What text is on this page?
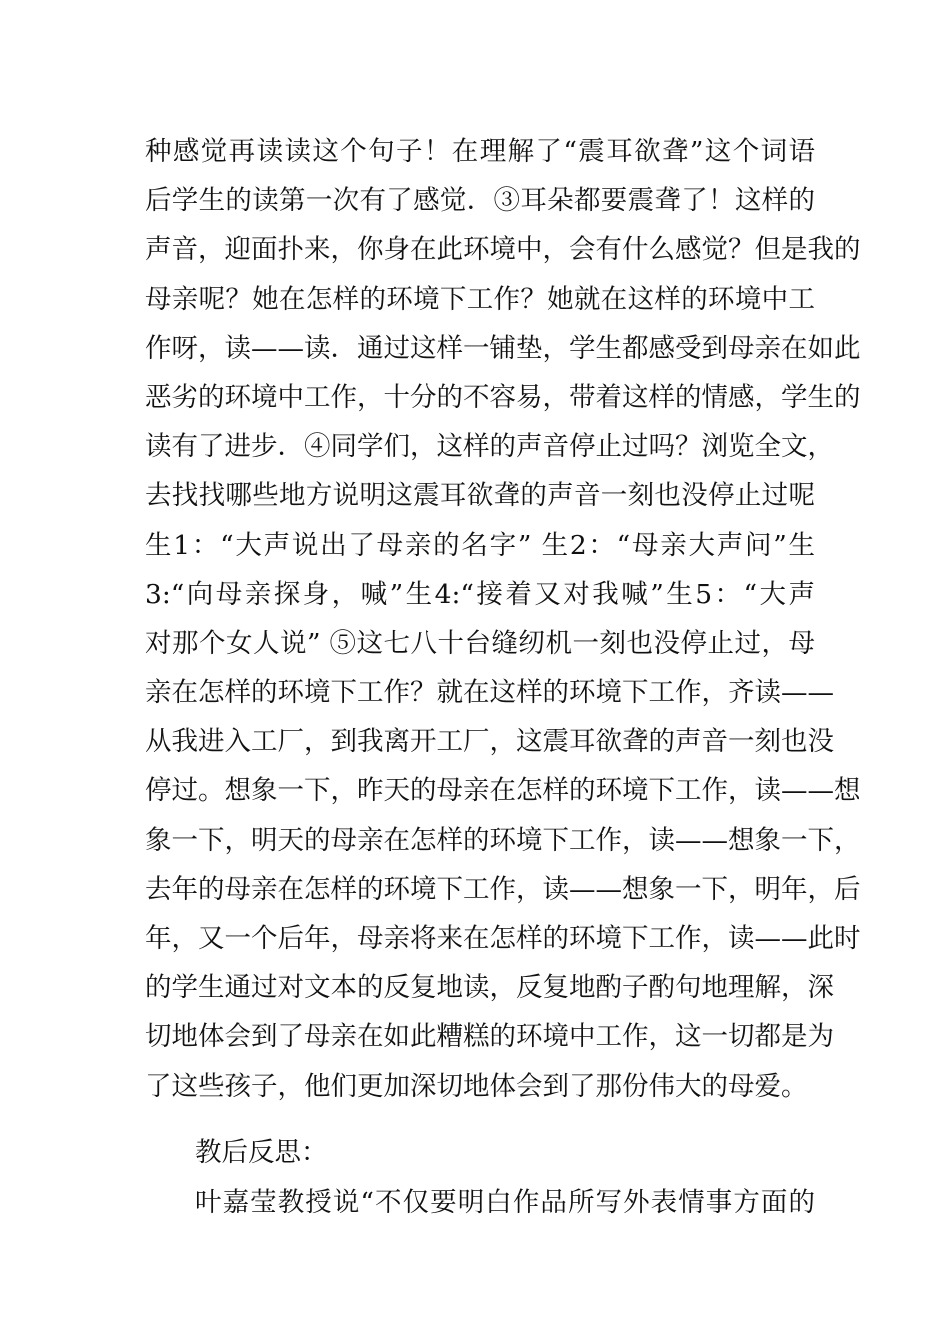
种感觉再读读这个句子！在理解了“震耳欲聋”这个词语
后学生的读第一次有了感觉．③耳朵都要震聋了！这样的
声音，迎面扑来，你身在此环境中，会有什么感觉？但是我的
母亲呢？她在怎样的环境下工作？她就在这样的环境中工
作呀，读——读．通过这样一铺垫，学生都感受到母亲在如此
恶劣的环境中工作，十分的不容易，带着这样的情感，学生的
读有了进步．④同学们，这样的声音停止过吗？浏览全文，
去找找哪些地方说明这震耳欲聋的声音一刻也没停止过呢
生1：“大声说出了母亲的名字” 生2：“母亲大声问”生
3:“向母亲探身，喊”生4:“接着又对我喊”生5：“大声
对那个女人说” ⑤这七八十台缝纫机一刻也没停止过，母
亲在怎样的环境下工作？就在这样的环境下工作，齐读——
从我进入工厂，到我离开工厂，这震耳欲聋的声音一刻也没
停过。想象一下，昨天的母亲在怎样的环境下工作，读——想
象一下，明天的母亲在怎样的环境下工作，读——想象一下，
去年的母亲在怎样的环境下工作，读——想象一下，明年，后
年，又一个后年，母亲将来在怎样的环境下工作，读——此时
的学生通过对文本的反复地读，反复地酌子酌句地理解，深
切地体会到了母亲在如此糟糕的环境中工作，这一切都是为
了这些孩子，他们更加深切地体会到了那份伟大的母爱。
教后反思：
叶嘉莹教授说“不仅要明白作品所写外表情事方面的
